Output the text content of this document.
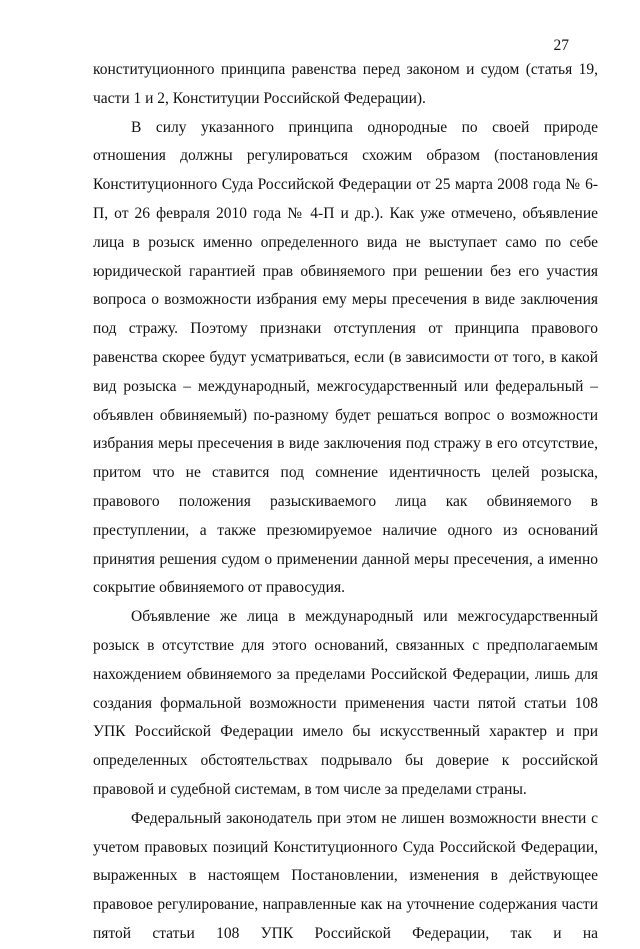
27

конституционного принципа равенства перед законом и судом (статья 19, части 1 и 2, Конституции Российской Федерации).

В силу указанного принципа однородные по своей природе отношения должны регулироваться схожим образом (постановления Конституционного Суда Российской Федерации от 25 марта 2008 года № 6-П, от 26 февраля 2010 года № 4-П и др.). Как уже отмечено, объявление лица в розыск именно определенного вида не выступает само по себе юридической гарантией прав обвиняемого при решении без его участия вопроса о возможности избрания ему меры пресечения в виде заключения под стражу. Поэтому признаки отступления от принципа правового равенства скорее будут усматриваться, если (в зависимости от того, в какой вид розыска – международный, межгосударственный или федеральный – объявлен обвиняемый) по-разному будет решаться вопрос о возможности избрания меры пресечения в виде заключения под стражу в его отсутствие, притом что не ставится под сомнение идентичность целей розыска, правового положения разыскиваемого лица как обвиняемого в преступлении, а также презюмируемое наличие одного из оснований принятия решения судом о применении данной меры пресечения, а именно сокрытие обвиняемого от правосудия.

Объявление же лица в международный или межгосударственный розыск в отсутствие для этого оснований, связанных с предполагаемым нахождением обвиняемого за пределами Российской Федерации, лишь для создания формальной возможности применения части пятой статьи 108 УПК Российской Федерации имело бы искусственный характер и при определенных обстоятельствах подрывало бы доверие к российской правовой и судебной системам, в том числе за пределами страны.

Федеральный законодатель при этом не лишен возможности внести с учетом правовых позиций Конституционного Суда Российской Федерации, выраженных в настоящем Постановлении, изменения в действующее правовое регулирование, направленные как на уточнение содержания части пятой статьи 108 УПК Российской Федерации, так и на
